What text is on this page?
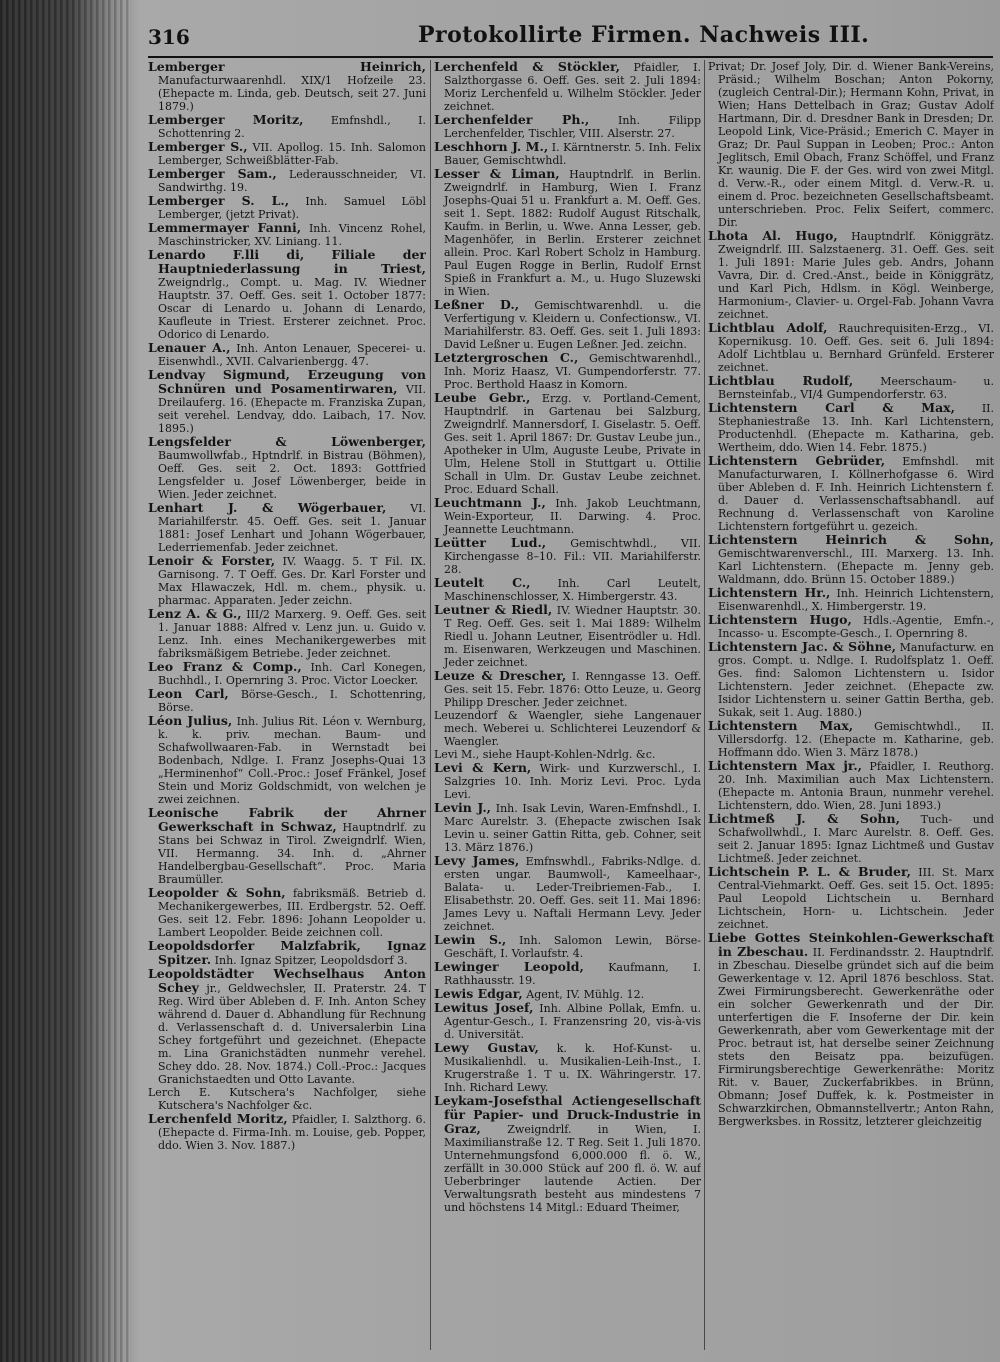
316	Protokollirte Firmen. Nachweis III.

Lemberger Heinrich, Manufacturwaarenhdl. XIX/1 Hofzeile 23. (Ehepacte m. Linda, geb. Deutsch, seit 27. Juni 1879.)

Lemberger Moritz, Emfnshdl., I. Schottenring 2.

Lemberger S., VII. Apollog. 15. Inh. Salomon Lemberger, Schweißblätter-Fab.

Lemberger Sam., Lederausschneider, VI. Sandwirthg. 19.

Lemberger S. L., Inh. Samuel Löbl Lemberger, (jetzt Privat).

Lemmermayer Fanni, Inh. Vincenz Rohel, Maschinstricker, XV. Liniang. 11.

Lenardo F.lli di, Filiale der Hauptniederlassung in Triest, Zweigndrlg., Compt. u. Mag. IV. Wiedner Hauptstr. 37. Oeff. Ges. seit 1. October 1877: Oscar di Lenardo u. Johann di Lenardo, Kaufleute in Triest. Ersterer zeichnet. Proc. Odorico di Lenardo.

Lenauer A., Inh. Anton Lenauer, Specerei- u. Eisenwhdl., XVII. Calvarienbergg. 47.

Lendvay Sigmund, Erzeugung von Schnüren und Posamentirwaren, VII. Dreilauferg. 16. (Ehepacte m. Franziska Zupan, seit verehel. Lendvay, ddo. Laibach, 17. Nov. 1895.)

Lengsfelder & Löwenberger, Baumwollwfab., Hptndrlf. in Bistrau (Böhmen), Oeff. Ges. seit 2. Oct. 1893: Gottfried Lengsfelder u. Josef Löwenberger, beide in Wien. Jeder zeichnet.

Lenhart J. & Wögerbauer, VI. Mariahilferstr. 45. Oeff. Ges. seit 1. Januar 1881: Josef Lenhart und Johann Wögerbauer, Lederriemenfab. Jeder zeichnet.

Lenoir & Forster, IV. Waagg. 5. T Fil. IX. Garnisong. 7. T Oeff. Ges. Dr. Karl Forster und Max Hlawaczek, Hdl. m. chem., physik. u. pharmac. Apparaten. Jeder zeichn.

Lenz A. & G., III/2 Marxerg. 9. Oeff. Ges. seit 1. Januar 1888: Alfred v. Lenz jun. u. Guido v. Lenz. Inh. eines Mechanikergewerbes mit fabriksmäßigem Betriebe. Jeder zeichnet.

Leo Franz & Comp., Inh. Carl Konegen, Buchhdl., I. Opernring 3. Proc. Victor Loecker.

Leon Carl, Börse-Gesch., I. Schottenring, Börse.

Léon Julius, Inh. Julius Rit. Léon v. Wernburg, k. k. priv. mechan. Baum- und Schafwollwaaren-Fab. in Wernstadt bei Bodenbach, Ndlge. I. Franz Josephs-Quai 13 „Herminenhof“ Coll.-Proc.: Josef Fränkel, Josef Stein und Moriz Goldschmidt, von welchen je zwei zeichnen.

Leonische Fabrik der Ahrner Gewerkschaft in Schwaz, Hauptndrlf. zu Stans bei Schwaz in Tirol. Zweigndrlf. Wien, VII. Hermanng. 34. Inh. d. „Ahrner Handelbergbau-Gesellschaft“. Proc. Maria Braumüller.

Leopolder & Sohn, fabriksmäß. Betrieb d. Mechanikergewerbes, III. Erdbergstr. 52. Oeff. Ges. seit 12. Febr. 1896: Johann Leopolder u. Lambert Leopolder. Beide zeichnen coll.

Leopoldsdorfer Malzfabrik, Ignaz Spitzer. Inh. Ignaz Spitzer, Leopoldsdorf 3.

Leopoldstädter Wechselhaus Anton Schey jr., Geldwechsler, II. Praterstr. 24. T Reg. Wird über Ableben d. F. Inh. Anton Schey während d. Dauer d. Abhandlung für Rechnung d. Verlassenschaft d. d. Universalerbin Lina Schey fortgeführt und gezeichnet. (Ehepacte m. Lina Granichstädten nunmehr verehel. Schey ddo. 28. Nov. 1874.) Coll.-Proc.: Jacques Granichstaedten und Otto Lavante.

Lerch E. Kutschera's Nachfolger, siehe Kutschera's Nachfolger &c.

Lerchenfeld Moritz, Pfaidler, I. Salzthorg. 6. (Ehepacte d. Firma-Inh. m. Louise, geb. Popper, ddo. Wien 3. Nov. 1887.)

Lerchenfeld & Stöckler, Pfaidler, I. Salzthorgasse 6. Oeff. Ges. seit 2. Juli 1894: Moriz Lerchenfeld u. Wilhelm Stöckler. Jeder zeichnet.

Lerchenfelder Ph.,	Inh. Filipp Lerchenfelder, Tischler, VIII. Alserstr. 27.

Leschhorn J. M., I. Kärntnerstr. 5. Inh. Felix Bauer, Gemischtwhdl.

Lesser & Liman, Hauptndrlf. in Berlin. Zweigndrlf. in Hamburg, Wien I. Franz Josephs-Quai 51 u. Frankfurt a. M. Oeff. Ges. seit 1. Sept. 1882: Rudolf August Ritschalk, Kaufm. in Berlin, u. Wwe. Anna Lesser, geb. Magenhöfer, in Berlin. Ersterer zeichnet allein. Proc. Karl Robert Scholz in Hamburg. Paul Eugen Rogge in Berlin, Rudolf Ernst Spieß in Frankfurt a. M., u. Hugo Sluzewski in Wien.

Leßner D., Gemischtwarenhdl. u. die Verfertigung v. Kleidern u. Confectionsw., VI. Mariahilferstr. 83. Oeff. Ges. seit 1. Juli 1893: David Leßner u. Eugen Leßner. Jed. zeichn.

Letztergroschen C., Gemischtwarenhdl., Inh. Moriz Haasz, VI. Gumpendorferstr. 77. Proc. Berthold Haasz in Komorn.

Leube Gebr., Erzg. v. Portland-Cement, Hauptndrlf. in Gartenau bei Salzburg, Zweigndrlf. Mannersdorf, I. Giselastr. 5. Oeff. Ges. seit 1. April 1867: Dr. Gustav Leube jun., Apotheker in Ulm, Auguste Leube, Private in Ulm, Helene Stoll in Stuttgart u. Ottilie Schall in Ulm. Dr. Gustav Leube zeichnet. Proc. Eduard Schall.

Leuchtmann J., Inh. Jakob Leuchtmann, Wein-Exporteur, II. Darwing. 4. Proc. Jeannette Leuchtmann.

Leütter Lud., Gemischtwhdl., VII. Kirchengasse 8–10. Fil.: VII. Mariahilferstr. 28.

Leutelt C., Inh. Carl Leutelt, Maschinenschlosser, X. Himbergerstr. 43.

Leutner & Riedl, IV. Wiedner Hauptstr. 30. T Reg. Oeff. Ges. seit 1. Mai 1889: Wilhelm Riedl u. Johann Leutner, Eisentrödler u. Hdl. m. Eisenwaren, Werkzeugen und Maschinen. Jeder zeichnet.

Leuze & Drescher, I. Renngasse 13. Oeff. Ges. seit 15. Febr. 1876: Otto Leuze, u. Georg Philipp Drescher. Jeder zeichnet.

Leuzendorf & Waengler, siehe Langenauer mech. Weberei u. Schlichterei Leuzendorf & Waengler.

Levi M., siehe Haupt-Kohlen-Ndrlg. &c.

Levi & Kern, Wirk- und Kurzwerschl., I. Salzgries 10. Inh. Moriz Levi. Proc. Lyda Levi.

Levin J., Inh. Isak Levin, Waren-Emfnshdl., I. Marc Aurelstr. 3. (Ehepacte zwischen Isak Levin u. seiner Gattin Ritta, geb. Cohner, seit 13. März 1876.)

Levy James, Emfnswhdl., Fabriks-Ndlge. d. ersten ungar. Baumwoll-, Kameelhaar-, Balata- u. Leder-Treibriemen-Fab., I. Elisabethstr. 20. Oeff. Ges. seit 11. Mai 1896: James Levy u. Naftali Hermann Levy. Jeder zeichnet.

Lewin S., Inh. Salomon Lewin, Börse-Geschäft, I. Vorlaufstr. 4.

Lewinger Leopold, Kaufmann, I. Rathhausstr. 19.

Lewis Edgar, Agent, IV. Mühlg. 12.

Lewitus Josef, Inh. Albine Pollak, Emfn. u. Agentur-Gesch., I. Franzensring 20, vis-à-vis d. Universität.

Lewy Gustav, k. k. Hof-Kunst- u. Musikalienhdl. u. Musikalien-Leih-Inst., I. Krugerstraße 1. T u. IX. Währingerstr. 17. Inh. Richard Lewy.

Leykam-Josefsthal Actiengesellschaft für Papier- und Druck-Industrie in Graz, Zweigndrlf. in Wien, I. Maximilianstraße 12. T Reg. Seit 1. Juli 1870. Unternehmungsfond 6,000.000 fl. ö. W., zerfällt in 30.000 Stück auf 200 fl. ö. W. auf Ueberbringer lautende Actien. Der Verwaltungsrath besteht aus mindestens 7 und höchstens 14 Mitgl.: Eduard Theimer,

Privat; Dr. Josef Joly, Dir. d. Wiener Bank-Vereins, Präsid.; Wilhelm Boschan; Anton Pokorny, (zugleich Central-Dir.); Hermann Kohn, Privat, in Wien; Hans Dettelbach in Graz; Gustav Adolf Hartmann, Dir. d. Dresdner Bank in Dresden; Dr. Leopold Link, Vice-Präsid.; Emerich C. Mayer in Graz; Dr. Paul Suppan in Leoben; Proc.: Anton Jeglitsch, Emil Obach, Franz Schöffel, und Franz Kr. waunig. Die F. der Ges. wird von zwei Mitgl. d. Verw.-R., oder einem Mitgl. d. Verw.-R. u. einem d. Proc. bezeichneten Gesellschaftsbeamt. unterschrieben. Proc. Felix Seifert, commerc. Dir.

Lhota Al. Hugo, Hauptndrlf. Königgrätz. Zweigndrlf. III. Salzstaenerg. 31. Oeff. Ges. seit 1. Juli 1891: Marie Jules geb. Andrs, Johann Vavra, Dir. d. Cred.-Anst., beide in Königgrätz, und Karl Pich, Hdlsm. in Kögl. Weinberge, Harmonium-, Clavier- u. Orgel-Fab. Johann Vavra zeichnet.

Lichtblau Adolf, Rauchrequisiten-Erzg., VI. Kopernikusg. 10. Oeff. Ges. seit 6. Juli 1894: Adolf Lichtblau u. Bernhard Grünfeld. Ersterer zeichnet.

Lichtblau Rudolf, Meerschaum- u. Bernsteinfab., VI/4 Gumpendorferstr. 63.

Lichtenstern Carl & Max, II. Stephaniestraße 13. Inh. Karl Lichtenstern, Productenhdl. (Ehepacte m. Katharina, geb. Wertheim, ddo. Wien 14. Febr. 1875.)

Lichtenstern Gebrüder, Emfnshdl. mit Manufacturwaren, I. Köllnerhofgasse 6. Wird über Ableben d. F. Inh. Heinrich Lichtenstern f. d. Dauer d. Verlassenschaftsabhandl. auf Rechnung d. Verlassenschaft von Karoline Lichtenstern fortgeführt u. gezeich.

Lichtenstern Heinrich & Sohn, Gemischtwarenverschl., III. Marxerg. 13. Inh. Karl Lichtenstern. (Ehepacte m. Jenny geb. Waldmann, ddo. Brünn 15. October 1889.)

Lichtenstern Hr., Inh. Heinrich Lichtenstern, Eisenwarenhdl., X. Himbergerstr. 19.

Lichtenstern Hugo, Hdls.-Agentie, Emfn.-, Incasso- u. Escompte-Gesch., I. Opernring 8.

Lichtenstern Jac. & Söhne, Manufacturw. en gros. Compt. u. Ndlge. I. Rudolfsplatz 1. Oeff. Ges. find: Salomon Lichtenstern u. Isidor Lichtenstern. Jeder zeichnet. (Ehepacte zw. Isidor Lichtenstern u. seiner Gattin Bertha, geb. Sukak, seit 1. Aug. 1880.)

Lichtenstern Max, Gemischtwhdl., II. Villersdorfg. 12. (Ehepacte m. Katharine, geb. Hoffmann ddo. Wien 3. März 1878.)

Lichtenstern Max jr., Pfaidler, I. Reuthorg. 20. Inh. Maximilian auch Max Lichtenstern. (Ehepacte m. Antonia Braun, nunmehr verehel. Lichtenstern, ddo. Wien, 28. Juni 1893.)

Lichtmeß J. & Sohn, Tuch- und Schafwollwhdl., I. Marc Aurelstr. 8. Oeff. Ges. seit 2. Januar 1895: Ignaz Lichtmeß und Gustav Lichtmeß. Jeder zeichnet.

Lichtschein P. L. & Bruder, III. St. Marx Central-Viehmarkt. Oeff. Ges. seit 15. Oct. 1895: Paul Leopold Lichtschein u. Bernhard Lichtschein, Horn- u. Lichtschein. Jeder zeichnet.

Liebe Gottes Steinkohlen-Gewerkschaft in Zbeschau. II. Ferdinandsstr. 2. Hauptndrlf. in Zbeschau. Dieselbe gründet sich auf die beim Gewerkentage v. 12. April 1876 beschloss. Stat. Zwei Firmirungsberecht. Gewerkenräthe oder ein solcher Gewerkenrath und der Dir. unterfertigen die F. Insoferne der Dir. kein Gewerkenrath, aber vom Gewerkentage mit der Proc. betraut ist, hat derselbe seiner Zeichnung stets den Beisatz ppa. beizufügen. Firmirungsberechtige Gewerkenräthe: Moritz Rit. v. Bauer, Zuckerfabrikbes. in Brünn, Obmann; Josef Duffek, k. k. Postmeister in Schwarzkirchen, Obmannstellvertr.; Anton Rahn, Bergwerksbes. in Rossitz, letzterer gleichzeitig
